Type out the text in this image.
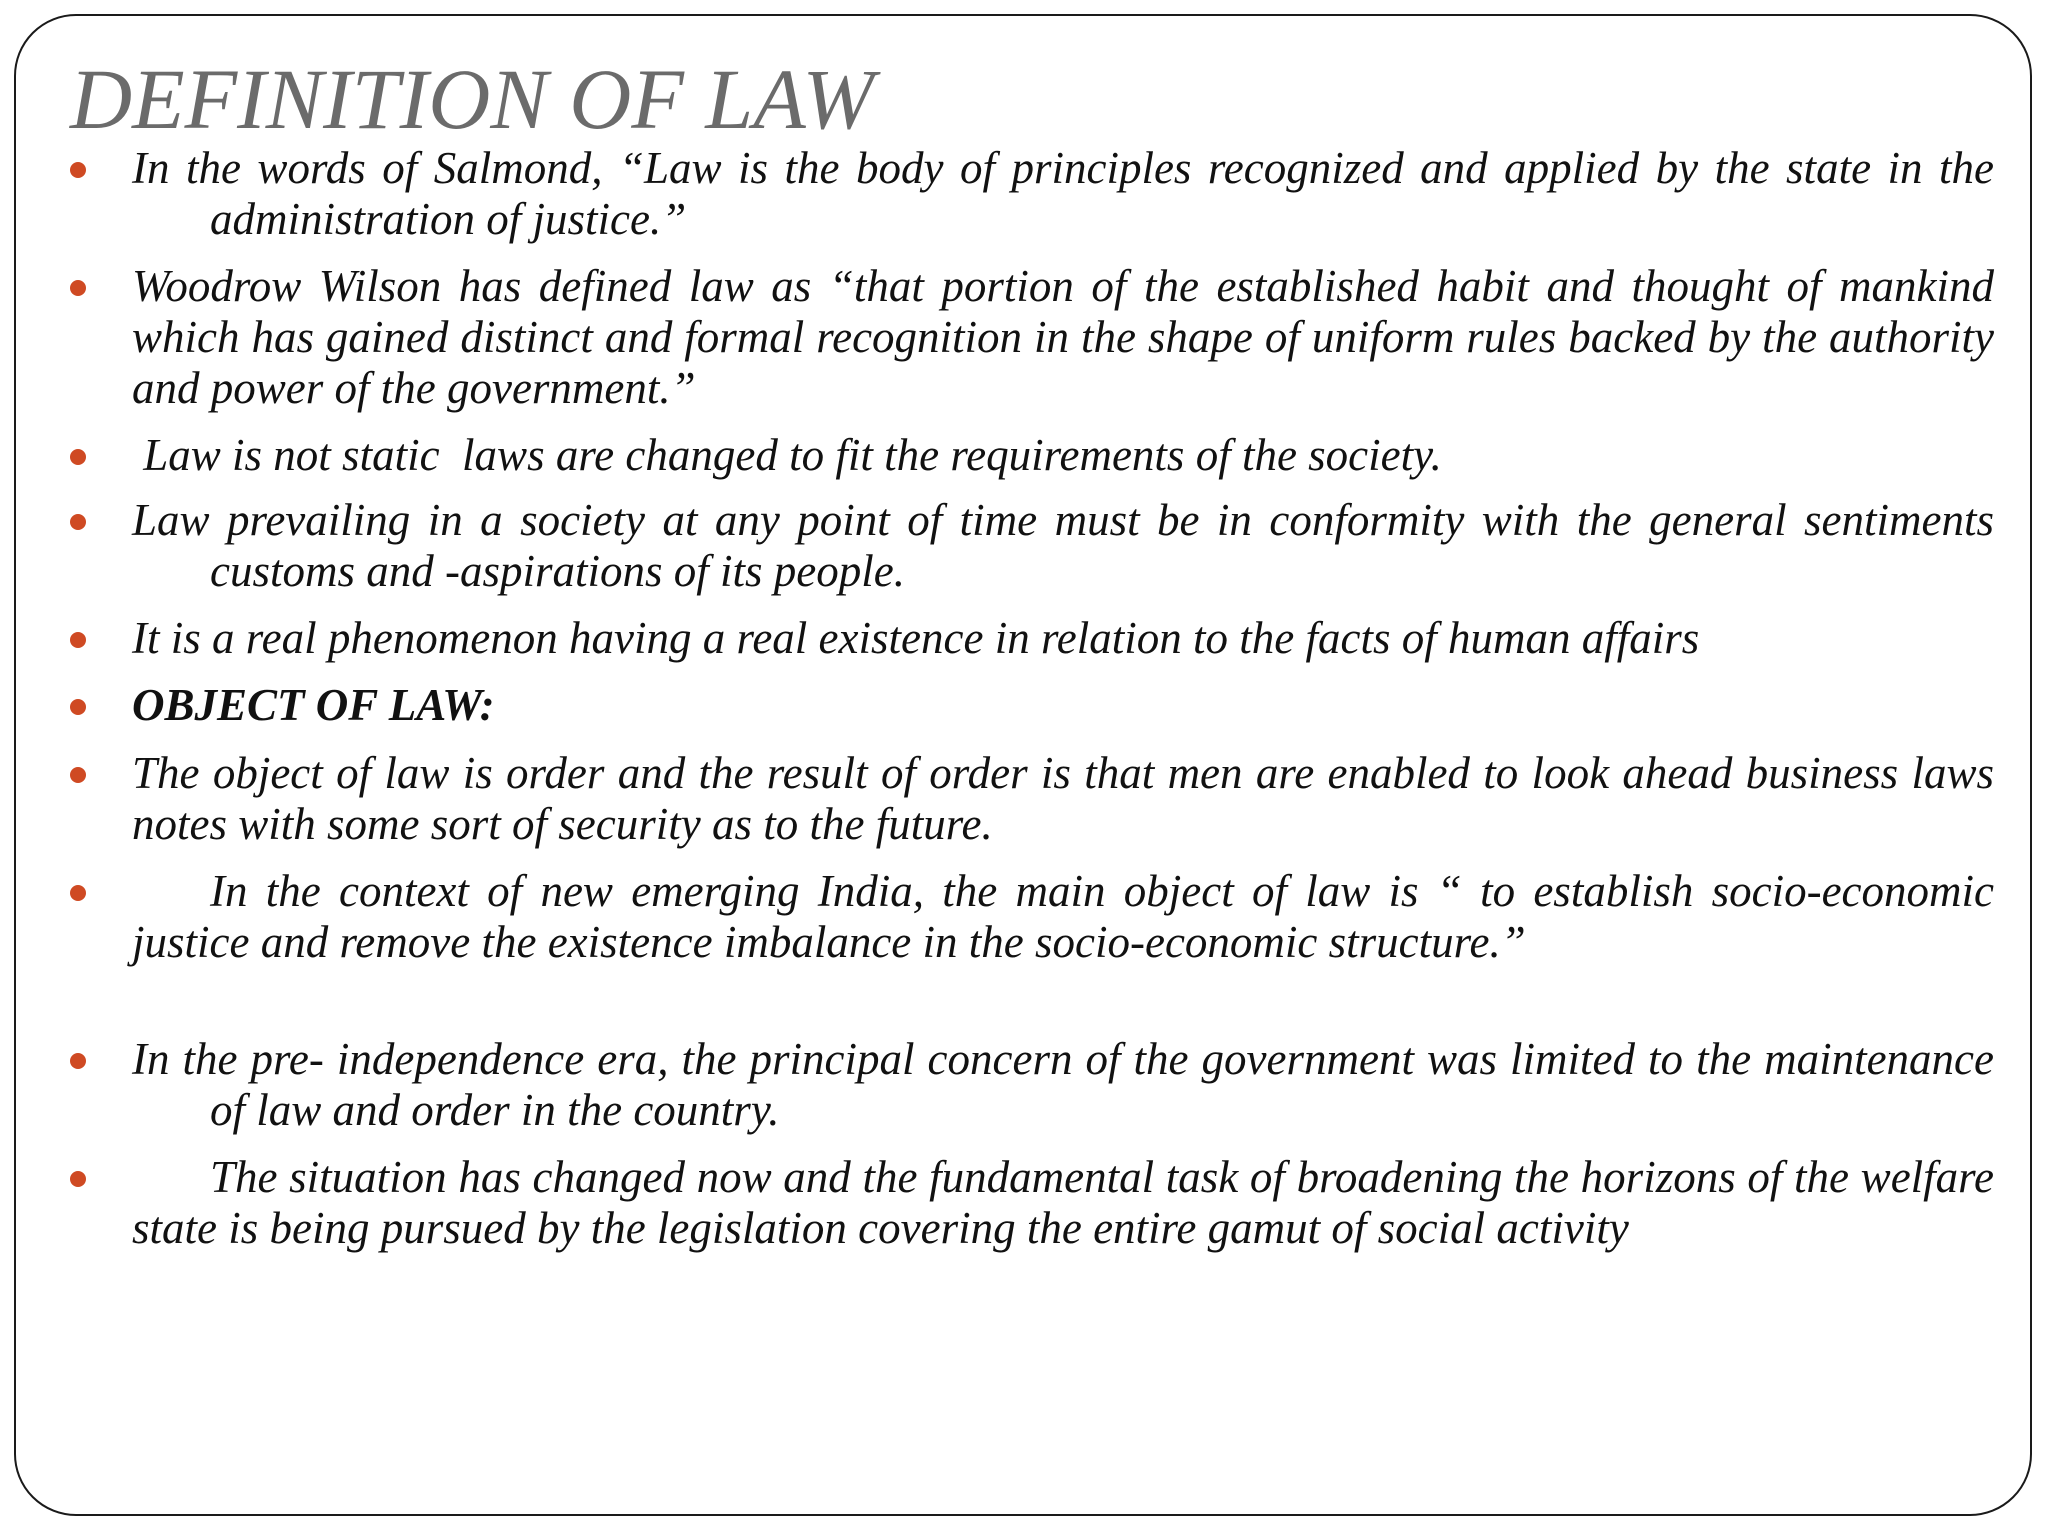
DEFINITION OF LAW
In the words of Salmond, “Law is the body of principles recognized and applied by the state in the administration of justice.”
Woodrow Wilson has defined law as “that portion of the established habit and thought of mankind which has gained distinct and formal recognition in the shape of uniform rules backed by the authority and power of the government.”
Law is not static  laws are changed to fit the requirements of the society.
Law prevailing in a society at any point of time must be in conformity with the general sentiments customs and -aspirations of its people.
It is a real phenomenon having a real existence in relation to the facts of human affairs
OBJECT OF LAW:
The object of law is order and the result of order is that men are enabled to look ahead business laws notes with some sort of security as to the future.
In the context of new emerging India, the main object of law is “ to establish socio-economic justice and remove the existence imbalance in the socio-economic structure.”
In the pre- independence era, the principal concern of the government was limited to the maintenance of law and order in the country.
The situation has changed now and the fundamental task of broadening the horizons of the welfare state is being pursued by the legislation covering the entire gamut of social activity
